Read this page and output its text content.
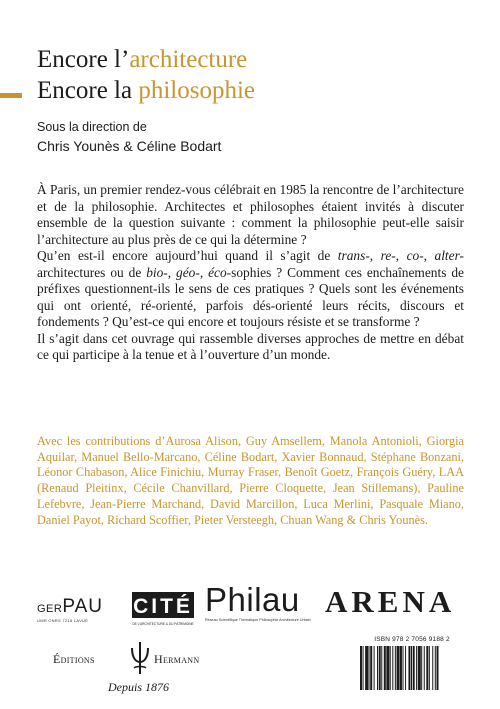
Encore l’architecture
Encore la philosophie
Sous la direction de
Chris Younès & Céline Bodart

À Paris, un premier rendez-vous célébrait en 1985 la rencontre de l’architecture et de la philosophie. Architectes et philosophes étaient invités à discuter ensemble de la question suivante : comment la philosophie peut-elle saisir l’architecture au plus près de ce qui la détermine ?

Qu’en est-il encore aujourd’hui quand il s’agit de trans-, re-, co-, alter-architectures ou de bio-, géo-, éco-sophies ? Comment ces enchaînements de préfixes questionnent-ils le sens de ces pratiques ? Quels sont les événements qui ont orienté, ré-orienté, parfois dés-orienté leurs récits, discours et fondements ? Qu’est-ce qui encore et toujours résiste et se transforme ?

Il s’agit dans cet ouvrage qui rassemble diverses approches de mettre en débat ce qui participe à la tenue et à l’ouverture d’un monde.

Avec les contributions d’Aurosa Alison, Guy Amsellem, Manola Antonioli, Giorgia Aquilar, Manuel Bello-Marcano, Céline Bodart, Xavier Bonnaud, Stéphane Bonzani, Léonor Chabason, Alice Finichiu, Murray Fraser, Benoît Goetz, François Guéry, LAA (Renaud Pleitinx, Cécile Chanvillard, Pierre Cloquette, Jean Stillemans), Pauline Lefebvre, Jean-Pierre Marchand, David Marcillon, Luca Merlini, Pasquale Miano, Daniel Payot, Richard Scoffier, Pieter Versteegh, Chuan Wang & Chris Younès.
GERPAU
UMR CNRS 7218 LAVUE
CITÉ
DE L’ARCHITECTURE & DU PATRIMOINE
Philau
Réseau Scientifique Thématique Philosophie Architecture Urbain
ARENA
Éditions	Hermann
Depuis 1876
ISBN 978 2 7056 9188 2
